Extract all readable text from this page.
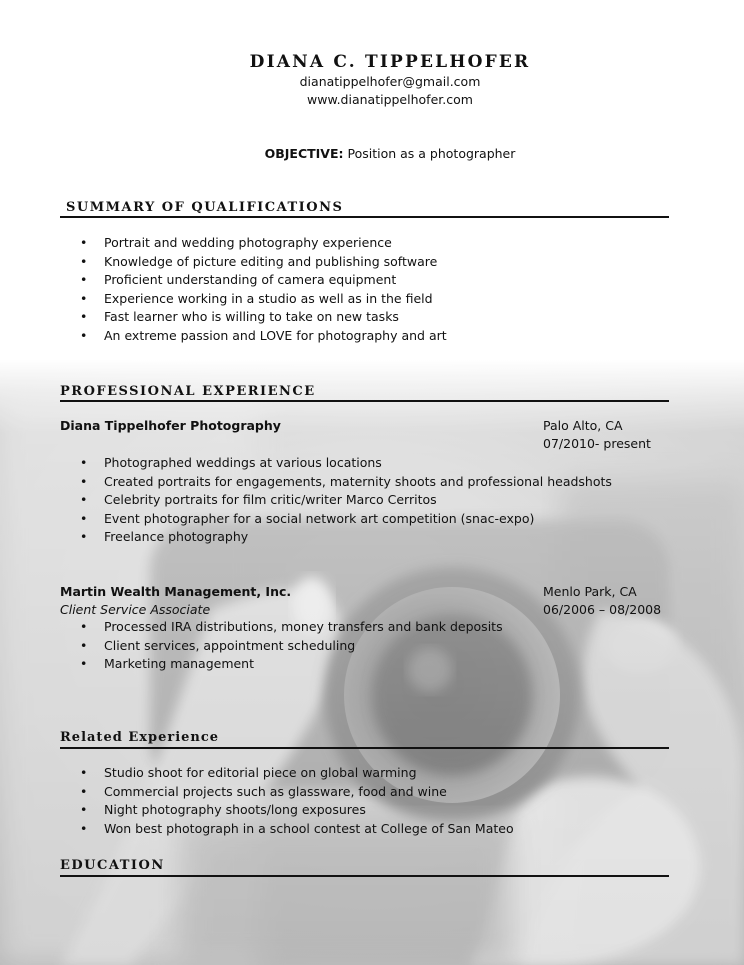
DIANA C. TIPPELHOFER
dianatippelhofer@gmail.com
www.dianatippelhofer.com
OBJECTIVE: Position as a photographer
SUMMARY OF QUALIFICATIONS
• Portrait and wedding photography experience
• Knowledge of picture editing and publishing software
• Proficient understanding of camera equipment
• Experience working in a studio as well as in the field
• Fast learner who is willing to take on new tasks
• An extreme passion and LOVE for photography and art
PROFESSIONAL EXPERIENCE
Diana Tippelhofer Photography	Palo Alto, CA
07/2010- present
• Photographed weddings at various locations
• Created portraits for engagements, maternity shoots and professional headshots
• Celebrity portraits for film critic/writer Marco Cerritos
• Event photographer for a social network art competition (snac-expo)
• Freelance photography
Martin Wealth Management, Inc.
Client Service Associate
Menlo Park, CA
06/2006 – 08/2008
• Processed IRA distributions, money transfers and bank deposits
• Client services, appointment scheduling
• Marketing management
Related Experience
• Studio shoot for editorial piece on global warming
• Commercial projects such as glassware, food and wine
• Night photography shoots/long exposures
• Won best photograph in a school contest at College of San Mateo
EDUCATION
